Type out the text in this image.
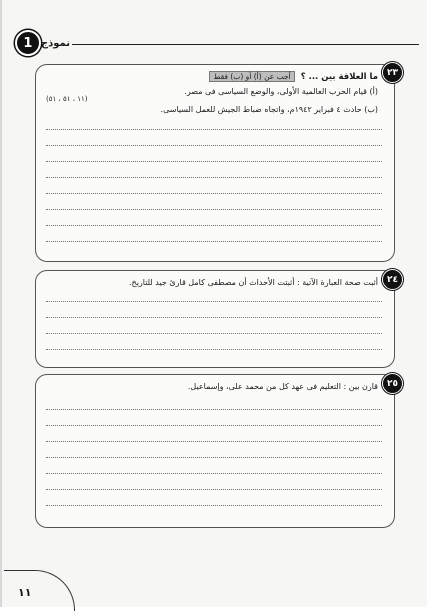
نموذج
1
٢٣
ما العلاقة بين ... ؟ أجب عن (أ) أو (ب) فقط
(أ) قيام الحرب العالمية الأولى، والوضع السياسى فى مصر.
(ب) حادث ٤ فبراير ١٩٤٢م، واتجاه ضباط الجيش للعمل السياسى.
(١١ ، ٥١ ، ٥١)
٢٤
أثبت صحة العبارة الآتية : أثبتت الأحداث أن مصطفى كامل قارئ جيد للتاريخ.
٢٥
قارن بين : التعليم فى عهد كل من محمد على، وإسماعيل.
١١
